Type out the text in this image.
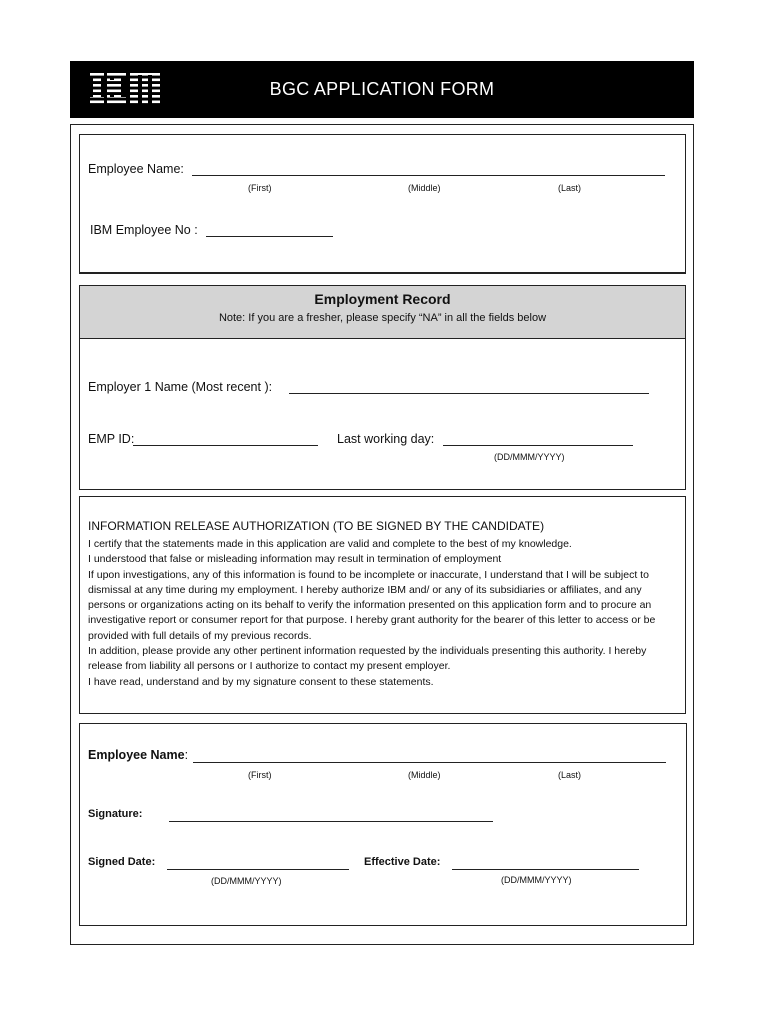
BGC APPLICATION FORM
Employee Name:
(First)	(Middle)	(Last)
IBM Employee No :
Employment Record
Note: If you are a fresher, please specify “NA” in all the fields below
Employer 1 Name (Most recent ):
EMP ID:	Last working day:
(DD/MMM/YYYY)
INFORMATION RELEASE AUTHORIZATION (TO BE SIGNED BY THE CANDIDATE)

I certify that the statements made in this application are valid and complete to the best of my knowledge.

I understood that false or misleading information may result in termination of employment

If upon investigations, any of this information is found to be incomplete or inaccurate, I understand that I will be subject to dismissal at any time during my employment. I hereby authorize IBM and/ or any of its subsidiaries or affiliates, and any persons or organizations acting on its behalf to verify the information presented on this application form and to procure an investigative report or consumer report for that purpose. I hereby grant authority for the bearer of this letter to access or be provided with full details of my previous records.

In addition, please provide any other pertinent information requested by the individuals presenting this authority. I hereby release from liability all persons or I authorize to contact my present employer.

I have read, understand and by my signature consent to these statements.

Employee Name:
(First)	(Middle)	(Last)
Signature:
Signed Date:
(DD/MMM/YYYY)
Effective Date:
(DD/MMM/YYYY)
